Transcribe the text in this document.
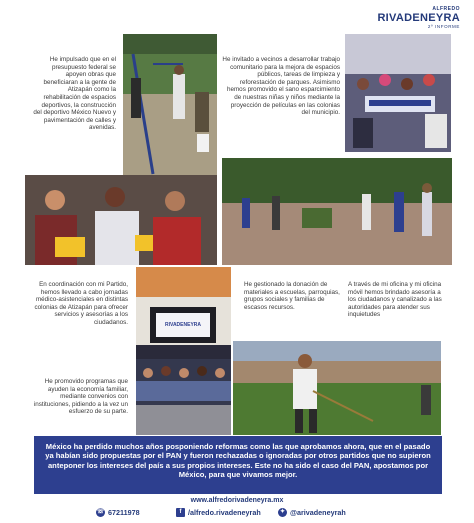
ALFREDO
RIVADENEYRA
2º INFORME
He impulsado que en el presupuesto federal se apoyen obras que beneficiaran a la gente de Atizapán como la rehabilitación de espacios deportivos, la construcción del deportivo México Nuevo y pavimentación de calles y avenidas.
He invitado a vecinos a desarrollar trabajo comunitario para la mejora de espacios públicos, tareas de limpieza y reforestación de parques. Asimismo hemos promovido el sano esparcimiento de nuestras niñas y niños mediante la proyección de películas en las colonias del municipio.
En coordinación con mi Partido, hemos llevado a cabo jornadas médico-asistenciales en distintas colonias de Atizapán para ofrecer servicios y asesorías a los ciudadanos.	RIVADENEYRA
He gestionado la donación de materiales a escuelas, parroquias, grupos sociales y familias de escasos recursos.
A través de mi oficina y mi oficina móvil hemos brindado asesoría a los ciudadanos y canalizado a las autoridades para atender sus inquietudes
He promovido programas que ayuden la economía familiar, mediante convenios con instituciones, pidiendo a la vez un esfuerzo de su parte.
México ha perdido muchos años posponiendo reformas como las que aprobamos ahora, que en el pasado ya habían sido propuestas por el PAN y fueron rechazadas o ignoradas por otros partidos que no supieron anteponer los intereses del país a sus propios intereses. Este no ha sido el caso del PAN, apostamos por México, para que vivamos mejor.
www.alfredorivadeneyra.mx
☏ 67211978	f /alfredo.rivadeneyrah	✦ @arivadeneyrah
